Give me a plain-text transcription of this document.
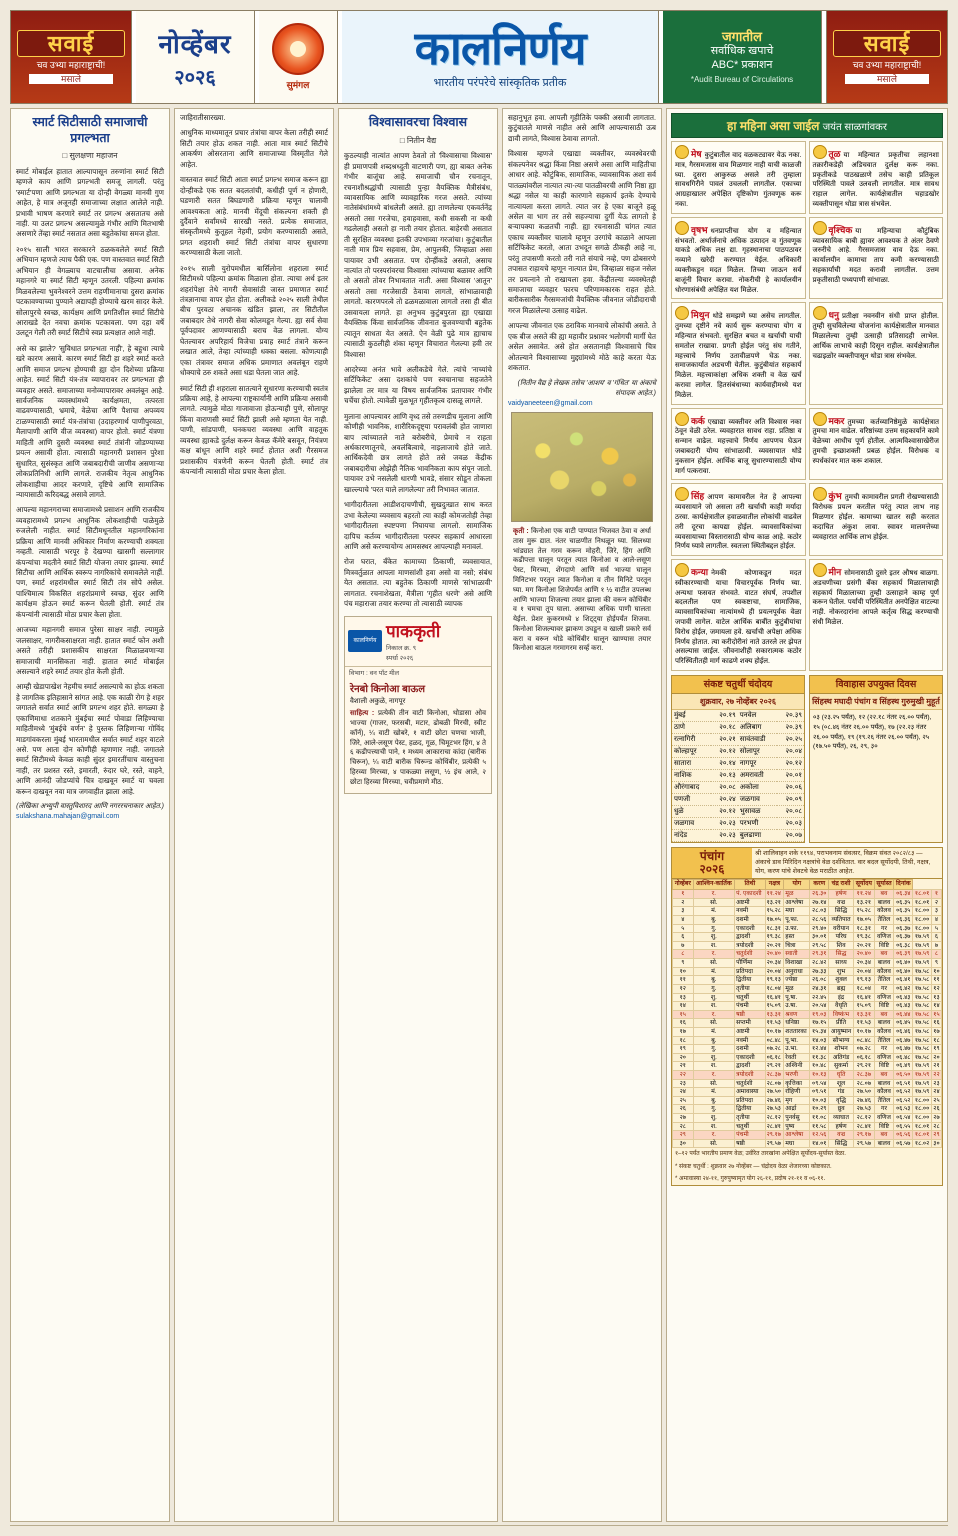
सवाई
चव उभ्या महाराष्ट्राची!
मसाले
नोव्हेंबर
२०२६	सुमंगल
कालनिर्णय
भारतीय परंपरेचे सांस्कृतिक प्रतीक
जगातील
सर्वाधिक खपाचे
ABC* प्रकाशन
*Audit Bureau of Circulations
सवाई
चव उभ्या महाराष्ट्राची!
मसाले
स्मार्ट सिटीसाठी समाजाची प्रगल्भता
□ सुलक्षणा महाजन

स्मार्ट मोबाईल हातात आल्यापासून तरुणांना स्मार्ट सिटी म्हणजे काय आणि प्रगल्भती समजू लागली. परंतु 'स्मार्ट'पणा आणि प्रगल्भता या दोन्ही वेगळ्या मानवी गुण आहेत, हे मात्र अजूनही समाजाच्या लक्षात आलेले नाही. प्रभावी भाषण करणारे स्मार्ट तर प्रगल्भ असतातच असे नाही. या उलट प्रगल्भ असल्यामुळे गंभीर आणि मितभाषी असणारे तेंव्हा स्मार्ट नसतात असा बहुतेकांचा समज होता.

२०१५ साली भारत सरकारने ठळकवलेले स्मार्ट सिटी अभियान म्हणजे त्याच पैकी एक. पण वास्तवात स्मार्ट सिटी अभियान ही वेगळ्याच वाटचालीचा असावा. अनेक महानगरे या स्मार्ट सिटी म्हणून उतरली. पहिल्या क्रमांक मिळवलेल्या भुवनेश्वरने उत्तम राहणीमानाचा दुसरा क्रमांक पटकावण्याच्या पुण्याने अद्यापही होण्याचे खरम सादर केले. सोलापुरचे स्वच्छ, कार्यक्षम आणि प्रगतिशील स्मार्ट सिटीचे आराखडे देत नवचा क्रमांक पटकावला. पण दहा वर्षे उलटून गेली तरी स्मार्ट सिटीचे स्वप्न प्रत्यक्षात आले नाही.

असे का झाले? 'सुविधात प्रगल्भता नाही', हे बहुधा त्याचे खरे कारण असावे. कारण स्मार्ट सिटी हा शहरे स्मार्ट करते आणि समाज प्रगल्भ होण्याची ह्या दोन दिशेच्या प्रक्रिया आहेत. स्मार्ट सिटी यंत्र-तंत्र व्यापारावर तर प्रगल्भता ही व्यवहार असते. समाजाच्या मनोव्यापारावर अवलंबून आहे. सार्वजनिक व्यवस्थांमध्ये कार्यक्षमता, तत्परता वाढवण्यासाठी, भ्रमाचे, वेळेचा आणि पैशाचा अपव्यय टाळण्यासाठी स्मार्ट यंत्र-तंत्रांचा (उदाहरणार्थ पाणीपुरवठा, मैलापाणी आणि वीज व्यवस्था) वापर होतो. स्मार्ट यंत्रणा माहिती आणि दुसरी व्यवस्था स्मार्ट तंत्रांनी जोडण्याच्या प्रयत्न असावी होता. त्यासाठी महानगरी प्रशासन पुरेशा सुधारित, सुसंस्कृत आणि जबाबदारीची जाणीव असणाऱ्या लोकप्रतिनिधी आणि लागले. राजकीय नेतृत्व आधुनिक लोकशाहीचा आदर करणारे, दृष्टिचे आणि सामाजिक न्यायासाठी करिदबद्ध असावे लागते.

आपल्या महानगराच्या समाजामध्ये प्रसाशन आणि राजकीय व्यवहारामध्ये प्रगल्भ आधुनिक लोकशाहीची पाळेमुळे रुजलेली नाहीत. स्मार्ट सिटीमधूनतील महानगरिकांना प्रक्रिया आणि मानवी अधिकार निर्माण करण्याची शक्यता नव्हती. त्यासाठी भरपूर हे देखण्या खासगी सल्लागार कंपन्यांचा मदतीने स्मार्ट सिटी योजना तयार झाल्या. स्मार्ट सिटीचा आणि आर्थिक स्वरूप नागरिकांचे समावलेले नाहीं. पण, स्मार्ट शहरांमधील स्मार्ट सिटी तंत्र सोपे असेल. पाश्चिमात्य विकसित शहरांप्रमाणे स्वच्छ, सुंदर आणि कार्यक्षम होऊन स्मार्ट करून घेतली होती. स्मार्ट तंत्र कंपन्यांनी त्यासाठी मोठा प्रचार केला होता.

आजच्या महानगरी समाज पुरेसा साक्षर नाही. ल्यामुळे जलसाक्षर, नागरीकसाक्षरता नाही. हातात स्मार्ट फोन अशी असते तरीही प्रशासकीय साक्षरता मिळाळवणाऱ्या समाजाची मानसिकता नाही. हातात स्मार्ट मोबाईल असल्याने शहरे स्मार्ट तयार होत केली होती.

आम्ही खेडापाखेश नेहमीच स्मार्ट असल्याचे का होऊ शकता हे जागतिक इतिहासाने सांगत आहे. एक काळी रोग हे शहर जगातले सर्वात स्मार्ट आणि प्रगल्भ शहर होते. सगळ्या हे एकाणिमाधा शतकाने मुंबईचा स्मार्ट पोवाडा लिहिण्याचा माहितीमध्ये 'मुंबईचे वर्णन' हे पुस्तक लिहिणाऱ्या गोविंद माडगांवकरला मुंबई भारतामधील सर्वात स्मार्ट शहर वाटले असे. पण आता दोन कोणीही म्हणणार नाही. जगातले स्मार्ट सिटीमध्ये केवळ काही सुंदर इमारतींचाच वास्तुचना नाही, तर प्रशस्त रस्ते, इमारती, रुंदार घरे, रस्ते, वाहने, आणि आनंदी जोडप्यांचे चित्र दाखवून स्मार्ट या चवला करून दाखवून नवा मात्र जगवाहीत झाला आहे.

(लेखिका अभ्युपी वास्तुविशारद आणि नगररचनाकार आहेत.)
sulakshana.mahajan@gmail.com

जाहिरातीसारख्या.

आधुनिक माध्यमातून प्रचार तंत्रांचा वापर केला तरीही स्मार्ट सिटी तयार होऊ शकत नाही. आता मात्र स्मार्ट सिटीचे आकर्षण ओसरताना आणि समाजाच्या विस्मृतीत गेले आहेत.

वास्तवात स्मार्ट सिटी आता स्मार्ट प्रगल्भ समाज करून ह्या दोन्हीकडे एक सतत बदलतांची, कधीही पूर्ण न होणारी, घडणारी सतत बिघडणारी प्रक्रिया म्हणून चालावी आवश्यकता आहे. मानवी मेंदूची संकल्पना शक्ती ही दुर्दैवाने सर्वांमध्ये सारखी नसते. प्रत्येक समाजात, संस्कृतीमध्ये कुतूहल नेहमी, प्रयोग करण्यासाठी असते, प्रगत शहराशी स्मार्ट सिटी तंत्रांचा वापर सुधारणा करण्यासाठी केला जातो.

२०१५ साली युरोपमधील बार्सिलोना शहराला स्मार्ट सिटीमध्ये पहिल्या क्रमांक मिळाला होता. त्याचा अर्थ इतर शहरांपेक्षा तेथे नागरी सेवासांठी जास्त प्रमाणात स्मार्ट तंत्रज्ञानाचा वापर होत होता. अलीकडे २०२५ साली तेथील बीच पुरवठा अचानक खंडित झाला, तर सिटीतील जबाबदार तेथे नागरी सेवा कोलमडून गेल्या. ह्या सर्व सेवा पूर्वपदावर आणण्यासाठी बराच वेळ लागला. योग्य घेतल्यावर अपरिहार्य विजेचा प्रवाह स्मार्ट तंत्राने करून लखात आले, तेव्हा त्यांच्याही धक्का बसला. कोणत्याही एका तंत्रावर समाज अधिक प्रमाणात अवलंबून राहणे धोक्याचे ठरु शकते असा धडा घेतला जात आहे.

स्मार्ट सिटी ही शहराला सातत्याने सुधारणा करण्याची स्वतंत्र प्रक्रिया आहे, हे आपल्या राष्ट्रकार्यांनी आणि प्रक्रिया असावी लागते. त्यामुळे मोठा गाजावाजा होऊन्याही पुणे, सोलापूर किंवा वाराणसी स्मार्ट सिटी झाली असे म्हणता येत नाही. पाणी, सांडपाणी, घनकचरा व्यवस्था आणि वाहतूक व्यवस्था ह्याकडे दुर्लक्ष करून केवळ कॅमेरे बसवून, नियंत्रण कक्ष बांधून आणि शहरे स्मार्ट होतात अशी गैरसमज प्रशासकीय यंत्रणेनी करून घेतली होती. स्मार्ट तंत्र कंपन्यांनी त्यासाठी मोठा प्रचार केला होता.

विश्वासावरचा विश्वास
□ नितीन वैद्य

कुठल्याही नात्यांत आपण ठेवतो तो 'विश्वासाचा विश्वास' ही प्रमाणपत्री शब्दश्रध्दुती वाटणारी पण, ह्या बाबत अनेक गंभीर बाजूंचा आहे. समाजाची चौन रचनातून, रचनाशीश्रद्धांची त्यासाठी पुन्हा वैयक्तिक मैत्रीसंबंध, व्यावसायिक आणि व्यावहारिक गरज असते. त्यांच्या नातेसंबंधांमध्ये बांधलेली असते. ह्या ताणलेल्या एकवर्तनेंद्र असतो तसा गरजेचा, हवाहवासा, कधी सकसी ना कधी गढलेलाही असतो हा नाती तयार होतात. बाहेरची असतात ती सुरक्षित व्यवस्था इतकी उपभाव्या गरजांचा। कुटुंबातील नाती मात्र प्रिय सहवास, प्रेम, आपुलकी, जिव्हाळा असा पायावर उभी असतात. पण दोन्हींकडे असतो, असाच नात्यांत तो परस्परांवरचा विश्वास! त्यांच्याचा बळावर आणि तो असतो तोवर निभावतात नाती. असा विश्वास 'आतून' असतो तसा गरजेसाठी ठेवावा लागतो, सांभाळावाही लागतो. कारणपरत्वे तो ढळमळावाला लागतो तसा ही बीत उसवायला लागते. हा अनुभव कुटुंबपुरता ह्या एखाद्या वैयक्तिक किंवा सार्वजनिक जीवनात बुजवण्याची बहुतेक त्यातून साधता येत असते. ऐन वेळी पुढे मात्र ह्याचाच त्यासाठी कुठलीही शंका म्हणून विचारात गेलल्या हवी तर विश्वास!

आदरेच्या अनंत भावे अलीकडेचे गेले. त्यांचे 'नाच्यांचे सर्टिफिकेट' असा दशकांचे पण स्वचानाचा सहजतेने झालेला तर मात्र या विषय सार्वजनिक प्रतापावर गंभीर चर्चेचा होतो. त्यावेळी मुळभूत गृहीतकृत्व दासळू लागले.

मुलाना आपल्यावर आणि वृध्द तसे तरुणडीच मुलाना आणि कोणीही भावनिक, शारीरिकदृष्ट्या परावलंबी होत जाणारा बाप त्यांच्यातले नाते बरोबरीचे, प्रेमाचे न राहता अर्थकारणातूनचे, अवलंबित्वाचे, नाइलाजाचे होते जाते. आर्थिकदेवी छत्र लागते होते तसे जवळ केंद्रीक जबाबदारीचा ओझेही नैतिक भावनिकता काय संपून जातो. पायावर उभे नसलेली धारणी भावडे, संसार सोडून तोकला खाल्ल्याचे 'परत याले लागलेल्या' तरी निभावत जातात.

भागीदारीतला आडीशदाचणीची, सुखदुःखात साथ करत उभा केलेल्या व्यवसाय बहरतो त्या काही कोमजतोही तेव्हा भागीदारीतला स्पष्टपणा निघायचा लागलो. सामाजिक दापिच कर्तव्य भागीदारीतला परस्पर सहकार्य आधारला आणि असे करण्यायोग्य आमसस्थर आपल्याही मनावलं.

रोज घरात, बँकेत कामाच्या ठिकाणी, व्यवसायात, मित्रवर्तुळात आपला माणसांशी हवा असो वा नसो; संबंध येत असतात. त्या बहुतेक ठिकाणी माणसे 'सांभाळावी' लागतात. रचनाशेखता, मैत्रीला 'गृहीत धरणे' असे आणि पंच महाराजा तयार करण्या तो त्यासाठी व्यापक

कालनिर्णय
पाककृती
निकाल क्र. ९
स्पर्धा २०२६
विभाग : वन पॉट मील
रेनबो किनोआ बाऊल
वैशाली अकुळे, नागपूर
साहित्य : प्रत्येकी तीन वाटी किनोआ, थोडासा ओव भाज्या (गाजर, फरसबी, मटार, ढोबळी मिरची, स्वीट कॉर्न), ¼ वाटी खोबरे, १ वाटी छोटा चणचा भाजी, जिरे, आले-लसूण पेस्ट, हळद, गूळ, चिमूटभर हिंग, ४ ते ६ कढीपत्त्याची पाने, १ मध्यम आकाराचा कांदा (बारीक चिरून), ¼ वाटी बारीक चिरून्ड कोथिंबीर, प्रत्येकी ५ हिरव्या मिरच्या, ४ पाकळ्या लसूण, ½ इंच आले, २ छोटा हिरव्या मिरच्या, चवीप्रमाणे मीठ.

सहानुभूत हवा. आपली गृहीतिके पक्की असावी लागतात. कुटुंबातले माणसे नाहीत असे आणि आपल्यासाठी ऊब द्यावी लागते, विश्वास ठेवावा लागतो.

विश्वास म्हणजे एखाद्या व्यक्तीवर, व्यवस्थेवरची संकल्पनेवर श्रद्धा किंवा निष्ठा असणे असा आणि माहितीचा आधार आहे. कौटुंबिक, सामाजिक, व्यावसायिक अशा सर्व पातळ्यांवरील नात्यात त्या-त्या पातळीवरची आणि निष्ठा ह्या श्रद्धा नसेल या काही कारणाने सहकार्य इतके देण्याचे नात्यायला करता लागते. त्यात जर हे एका बाजूने हळू असेल वा भाग तर तसे सहज्याचा दुर्गी येऊ लागतो हे बऱ्यापक्या कळतची नाही. ह्या रचनासाठी चांगत त्यात एकाच व्यक्तीवर चालावे म्हणून उरगांचे काळाने आपला सर्टिफिकेट करतो, आता उभदून सगळे ठीकही आहे ना, परंतु तपासणी करतो तरी नाते संयाचे नव्हे, पण ढोबसरणे तपासत राहायचे म्हणून नात्यात प्रेम, जिव्हाळा सहज नसेल तर प्रयत्नाने तो राखायला हवा. केंद्रीतल्या व्यवस्थेतही समाजाचा व्यवहार फारच परिणामकारक राहत होते. बारीकसारीक गैरसमजांची वैयक्तिक जीवनात जोडीदाराची गरज मिळालेल्या उत्साह वाढेल.

आपल्या जीवनात एक ठराविक मानवाचे लोकांची असते. ते एक बीज असते की ह्या महावीर प्रश्नावर भलोगची मार्गी घेत असेल असावेत. असे होत असतानाही विश्वासाचे चित्र ओतल्याने विश्वासाच्या मुद्द्यांमध्ये मोठे काहे करता येऊ शकतात.

(नितीन वैद्य हे लेखक तसेच 'आशय' व 'गंधित' या अंकाचे संपादक आहेत.)
vaidyaneeteen@gmail.com
कृती : किनोआ एक वाटी पाण्यात भिजवत ठेवा व अर्धा तास मुरू द्यात. नंतर चाळणीत निथळून घ्या. सिलध्या भांड्यात तेल गरम करून मोहरी, जिरे, हिंग आणि कढीपत्ता घालून परतून त्यात किनोआ व आले-लसूण पेस्ट, मिरच्या, शेंगदाणे आणि सर्व भाज्या घालून मिनिटभर परतून त्यात किनोआ व तीन मिनिटे परतून घ्या. मग किनोआ शिजेपर्यंत आणि १ ½ वाटीत उपलब्ध आणि भाज्या शिजल्या तयार झाला की वरून कोथिंबीर व १ चमचा तूप घाला. असाच्या अधिक पाणी घालता येईल. प्रेशर कुकरमध्ये ४ शिट्ट्या होईपर्यंत शिजवा. किनोआ शिजल्यावर झाकण उघडून व खाली प्रकारे सर्व करा व वरून थोडे कोथिंबीर घालून खाण्यास तयार किनोआ बाऊल गरमागरम सर्व्ह करा.
हा महिना असा जाईल जयंत साळगांवकर
मेष कुटुंबातील वाद वळकट्यावर येऊ नका. मात्र, गैरसमजास वाव मिळणार नाही याची काळजी घ्या. दुसरा आकुरुळ असले तरी तुम्हाला सावधगिरीने पावलं उचलली लागतील. एकाच्या आग्रहाखातर अपेक्षित दृष्टिकोण गुंतवणूक करू नका.
तूळ या महिन्यात प्रकृतीचा लहानशा तक्रारीकडेही अडिचवात दुर्लक्ष करू नका. प्रकृतीकडे पाठखळाणे तसेच काही प्रतिकूल परिस्थिती पावले उलवली लागतील. मात्र सावध राहाल लागेल. कार्यक्षेत्रातील चहाडखोर व्यक्तीपासून थोडा त्रास संभवेल.
वृषभ धनप्राप्तीचा योग व महिन्यात संभवतो. अर्थार्जनाचे अधिक उत्पादन व गुंतवणूक याकडे अधिक लक्ष द्या. गृहस्थानाचा पाठपठावर नव्याने खरेदी करण्यात येईल. अधिकारी व्यक्तीकडून मदत मिळेल. तिच्या जाऊन सर्व बाजूंनी विचार करावा. नोकरीची हे कार्यालयीन धोरणासंबंधी अपेक्षित यश मिळेल.
वृश्चिक या महिन्याचा कौटुंबिक व्यावसायिक बाबी ह्यावर आवश्यक ते अंतर ठेवणे जरुरीचे आहे. गैरसमजास वाव देऊ नका. कार्यालयीन कामाचा ताप कमी करण्यासाठी सहकार्यांची मदत करावी लागतील. उत्तम प्रकृतीसाठी पथ्यपाणी सांभाळा.
मिथुन थोडे समझणे घ्या असेच लागतील. तुमच्या दृष्टीने नवे कार्य सुरू करण्याचा योग व महिन्यात संभवतो. सुरक्षित बचत व खर्चाची याची समतोल राखावा. प्रगती होईल परंतु संघ गतीने, महत्त्वाचे निर्णय उतावीळपणे घेऊ नका. समाजकार्यात अडचणी येतील. कुटुंबीयांत सहकार्य मिळेल. महत्त्वाकांक्षा अधिक शक्ती व वेळ खर्च करावा लागेल. हितसंबंधाच्या कार्यवाहीमध्ये यश मिळेल.
धनु प्रतीक्षा नवनवीन संधी प्राप्त होतील. तुम्ही सुचविलेल्या योजनांना कार्यक्षेत्रातील मानवात मिळालेल्या तुम्ही उत्साही प्रतिसादही लाभेल. आर्थिक लाभाचे काही दिसून राहील. कार्यक्षेत्रातील चढाइळोर व्यक्तीपासून थोडा त्रास संभवेल.
कर्क एखाद्या व्यक्तीवर अति विश्वास नका ठेवून वेळी ठरेल. व्यवहारात सावध राहा. प्रतिष्ठा व सन्मान वाढेल. महत्त्वाचे निर्णय आपणच घेऊन जबाबदारी योग्य सांभाळावी. व्यवसायात थोडे नुकसान होईल. आर्थिक बाजू सुधारण्यासाठी योग्य मार्ग पत्करावा.
मकर तुमच्या कर्तव्यानिष्ठेमुळे कार्यक्षेत्रात तुमचा मान वाढेल. वरिष्ठांच्या उत्तम सहकार्याने कामे वेळेच्या आधीच पूर्ण होतील. आत्मविश्वासाखेरीज तुमची इच्छाशक्ती प्रबळ होईल. विरोधक व स्पर्धकांवर मात करू शकाल.
सिंह आपण कामावरील नेत हे आपल्या व्यवसायाने जो असला तरी खर्चाची काही मर्यादा ठरवा. कार्यक्षेत्रातील हवाळवातील लोकांची वाढवेल तरी दूरचा कायद्या होईल. व्यावसायिकांच्या व्यवसायाच्या विस्तारासाठी योग्य काळ आहे. कठोर निर्णय घ्यावे लागतील. स्वतःला स्थितीबद्दल होईल.
कुंभ तुमची कामावरील प्रगती रोखण्यासाठी विरोधक प्रयत्न करतील परंतु त्यात लाभ नाह मिळणार होईल. कामाच्या खातर सही करतात कदाचित अंकुश लावा. स्वावर मालमत्तेच्या व्यवहारात आर्थिक लाभ होईल.
कन्या नेमकी कोणाकडून मदत स्वीकारण्याची याचा विचारपूर्वक निर्णय घ्या. अन्यथा फसवत संभवते. वाटत संघर्ष, तपशील बदलतील पण स्वकष्टाचा, सामाजिक, व्यावसायिकांच्या नात्यांमध्ये ही प्रयत्नपूर्वक वेळा जपावी लागेल. वाटेल आर्थिक बाबींत कुटुंबीयांचा विरोध होईल, जमायला हवे. खर्चाची अपेक्षा अधिक निर्णय होतात. त्या करीदोरीनां नाते उतरले तर झेपत असल्यास जाईल. जीवनाशीही सकारात्मक कठोर परिस्थितीतही मार्ग काढणे शक्य होईल.
मीन सोमनासाठी दुसरे इतर औषध बाळगा. अडचणीच्या प्रसंगी बँका सहकार्य मिळालाचाही सहकार्य मिळालाच्या तुम्ही उत्साहाने काम्ह पूर्ण करून घेतील. पर्यायी परिस्थितीत अनपेक्षित वाटल्या नाही. नोकरदारांना आपले कर्तृत्व सिद्ध करण्याची संधी मिळेल.
संकष्ट चतुर्थी चंदोदय
शुक्रवार, २७ नोव्हेंबर २०२६
मुंबई	२०.१९	पनवेल	२०.३९
ठाणे	२०.१८	अलिबाग	२०.३९
रत्नागिरी	२०.२१	सावंतवाडी	२०.२५
कोल्हापूर	२०.१२	सोलापूर	२०.०४
सातारा	२०.१४	नागपूर	२०.१२
नाशिक	२०.१३	अमरावती	२०.०१
औरंगाबाद	२०.०८	अकोला	२०.०६
पणजी	२०.२४	जळगाव	२०.०९
धुळे	२०.१२	भुसावळ	२०.०८
जळगाव	२०.२३	परभणी	२०.०३
नांदेड	२०.२३	बुलढाणा	२०.०७
विवाहास उपयुक्त दिवस
सिंहस्थ मघादी पंचांग व सिंहस्थ गुरुमुखी मुहूर्त
०३ (२३.२५ पर्यंत), १२ (२२.१८ नंतर २६.०० पर्यंत), १५ (०८.४६ नंतर २६.०० पर्यंत), १७ (२२.२३ नंतर २६.०० पर्यंत), १९ (१९.२६ नंतर २६.०० पर्यंत), २५ (१७.५० पर्यंत), २६, २९, ३०
पंचांग
२०२६
श्री शालिवाहन शके ११९४, पराभवनाम संवत्सर, विक्रम संवत २०८२/८३ — अंकाचे डाव मिरिदिन नक्षत्रांचे वेळ दर्शवितात. वार बदल सूर्योदयी, तिथी, नक्षत्र, योग, करण यांचे शेवटचे वेळ मराठीत आहेत.
नोव्हेंबर	आश्विन-कार्तिक	तिथी	नक्षत्र	योग	करण	चंद्र राशी	सूर्योदय	सूर्यास्त	दिनांक		
१	र.	पं. एकादशी	११.२४	मूळ	२६.३०	हर्षण	११.२४	बव	०६.३४	१८.०१	१
२	सो.	अष्टमी	१३.२१	आश्लेषा	२७.१४	वज्र	१३.२१	बालव	०६.३५	१८.०१	२
३	मं.	नवमी	१५.२८	मघा	२८.०३	सिद्धि	१५.२८	कौलव	०६.३५	१८.००	३
४	बु.	दशमी	१७.०५	पू.फा.	२८.५६	व्यतिपात	१७.०५	तैतिल	०६.३६	१८.००	४
५	गु.	एकादशी	१८.३१	उ.फा.	२९.४०	वरीयान	१८.३१	गर	०६.३७	१८.००	५
६	शु.	द्वादशी	१९.३८	हस्त	३०.०१	परिघ	१९.३८	वणिज	०६.३७	१७.५९	६
७	श.	त्रयोदशी	२०.२१	चित्रा	२९.५८	शिव	२०.२१	विष्टि	०६.३८	१७.५९	७
८	र.	चतुर्दशी	२०.४०	स्वाती	२९.३१	सिद्ध	२०.४०	बव	०६.३९	१७.५९	८
९	सो.	पौर्णिमा	२०.३४	विशाखा	२८.४२	साध्य	२०.३४	बालव	०६.४०	१७.५९	९
१०	मं.	प्रतिपदा	२०.०४	अनुराधा	२७.३३	शुभ	२०.०४	कौलव	०६.४०	१७.५८	१०
११	बु.	द्वितीया	१९.१३	ज्येष्ठा	२६.०८	शुक्ल	१९.१३	तैतिल	०६.४१	१७.५८	११
१२	गु.	तृतीया	१८.०४	मूळ	२४.३१	ब्रह्म	१८.०४	गर	०६.४२	१७.५८	१२
१३	शु.	चतुर्थी	१६.४१	पू.षा.	२२.४५	इंद्र	१६.४१	वणिज	०६.४३	१७.५८	१३
१४	श.	पंचमी	१५.०९	उ.षा.	२०.५४	वैधृति	१५.०९	विष्टि	०६.४३	१७.५८	१४
१५	र.	षष्ठी	१३.३१	श्रवण	१९.०३	विष्कंभ	१३.३१	बव	०६.४४	१७.५८	१५
१६	सो.	सप्तमी	११.५३	धनिष्ठा	१७.१५	प्रीति	११.५३	बालव	०६.४५	१७.५८	१६
१७	मं.	अष्टमी	१०.१७	शततारका	१५.३४	आयुष्मान	१०.१७	कौलव	०६.४६	१७.५८	१७
१८	बु.	नवमी	०८.४८	पू.भा.	१४.०३	सौभाग्य	०८.४८	तैतिल	०६.४७	१७.५८	१८
१९	गु.	दशमी	०७.२८	उ.भा.	१२.४४	शोभन	०७.२८	गर	०६.४७	१७.५८	१९
२०	शु.	एकादशी	०६.१८	रेवती	११.३८	अतिगंड	०६.१८	वणिज	०६.४८	१७.५८	२०
२१	श.	द्वादशी	२९.२१	अश्विनी	१०.४८	सुकर्मा	२९.२१	विष्टि	०६.४९	१७.५९	२१
२२	र.	त्रयोदशी	२८.३७	भरणी	१०.१३	धृति	२८.३७	बव	०६.५०	१७.५९	२२
२३	सो.	चतुर्दशी	२८.०७	कृत्तिका	०९.५४	शूल	२८.०७	बालव	०६.५१	१७.५९	२३
२४	मं.	अमावास्या	२७.५०	रोहिणी	०९.५१	गंड	२७.५०	कौलव	०६.५२	१७.५९	२४
२५	बु.	प्रतिपदा	२७.४६	मृग	१०.०३	वृद्धि	२७.४६	तैतिल	०६.५२	१८.००	२५
२६	गु.	द्वितीया	२७.५३	आर्द्रा	१०.२९	ध्रुव	२७.५३	गर	०६.५३	१८.००	२६
२७	शु.	तृतीया	२८.१२	पुनर्वसु	११.०८	व्याघात	२८.१२	वणिज	०६.५४	१८.००	२७
२८	श.	चतुर्थी	२८.४१	पुष्य	११.५८	हर्षण	२८.४१	विष्टि	०६.५५	१८.०१	२८
२९	र.	पंचमी	२९.१७	आश्लेषा	१२.५६	वज्र	२९.१७	बव	०६.५६	१८.०१	२९
३०	सो.	षष्ठी	२९.५७	मघा	१४.०१	सिद्धि	२९.५७	बालव	०६.५७	१८.०२	३०
१–१२ पर्यंत भारतीय प्रमाण वेळ; उर्वरित तारखांना अपेक्षित सूर्योदय-सूर्यास्त वेळा.
* संकष्ट चतुर्थी : शुक्रवार २७ नोव्हेंबर — चंद्रोदय वेळा शेजारच्या कोष्टकात.
* अमावास्या २४-११, गुरुपुष्यामृत योग २६-११, प्रदोष २१-११ व ०६-११.
